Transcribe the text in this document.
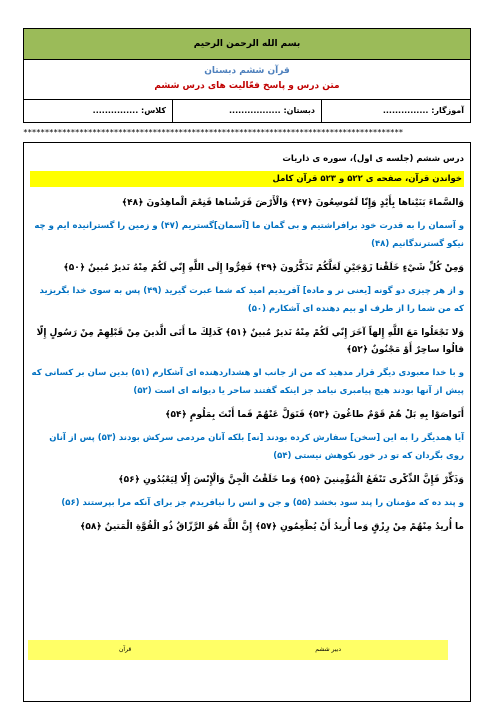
بسم الله الرحمن الرحیم
قرآن ششم دبستان
متن درس و پاسخ فعّالیت های درس ششم
آموزگار: ...............
دبستان: .................
کلاس: ...............
****************************************************************************************
درس ششم (جلسه ی اول)، سوره ی ذاریات
خواندن قرآن، صفحه ی ۵۲۲ و ۵۲۳ قرآن کامل
وَالسَّماءَ بَنَيْناها بِأَيْدٍ وَإِنّا لَمُوسِعُونَ ﴿۴۷﴾ وَالْأَرْضَ فَرَشْناها فَنِعْمَ الْماهِدُونَ ﴿۴۸﴾
و آسمان را به قدرت خود برافراشتیم و بی گمان ما [آسمان]گستریم (۴۷) و زمین را گسترانیده ایم و چه نیکو گسترندگانیم (۴۸)
وَمِنْ كُلِّ شَيْءٍ خَلَقْنا زَوْجَيْنِ لَعَلَّكُمْ تَذَكَّرُونَ ﴿۴۹﴾ فَفِرُّوا إِلَى اللَّهِ إِنّي لَكُمْ مِنْهُ نَذيرٌ مُبينٌ ﴿۵۰﴾
و از هر چیزی دو گونه [یعنی نر و ماده] آفریدیم امید که شما عبرت گیرید (۴۹) پس به سوی خدا بگریزید که من شما را از طرف او بیم دهنده ای آشکارم (۵۰)
وَلا تَجْعَلُوا مَعَ اللَّهِ إِلهاً آخَرَ إِنّي لَكُمْ مِنْهُ نَذيرٌ مُبينٌ ﴿۵۱﴾ كَذلِكَ ما أَتَى الَّذينَ مِنْ قَبْلِهِمْ مِنْ رَسُولٍ إِلّا قالُوا ساحِرٌ أَوْ مَجْنُونٌ ﴿۵۲﴾
و با خدا معبودی دیگر قرار مدهید که من از جانب او هشداردهنده ای آشکارم (۵۱) بدین سان بر کسانی که پیش از آنها بودند هیچ پیامبری نیامد جز اینکه گفتند ساحر یا دیوانه ای است (۵۲)
أَتَواصَوْا بِهِ بَلْ هُمْ قَوْمٌ طاغُونَ ﴿۵۳﴾ فَتَوَلَّ عَنْهُمْ فَما أَنْتَ بِمَلُومٍ ﴿۵۴﴾
آیا همدیگر را به این [سخن] سفارش کرده بودند [نه] بلکه آنان مردمی سرکش بودند (۵۳) پس از آنان روی بگردان که تو در خور نکوهش نیستی (۵۴)
وَذَكِّرْ فَإِنَّ الذِّكْرى تَنْفَعُ الْمُؤْمِنينَ ﴿۵۵﴾ وَما خَلَقْتُ الْجِنَّ وَالْإِنْسَ إِلّا لِيَعْبُدُونِ ﴿۵۶﴾
و پند ده که مؤمنان را پند سود بخشد (۵۵) و جن و انس را نیافریدم جز برای آنکه مرا بپرستند (۵۶)
ما أُريدُ مِنْهُمْ مِنْ رِزْقٍ وَما أُريدُ أَنْ يُطْعِمُونِ ﴿۵۷﴾ إِنَّ اللَّهَ هُوَ الرَّزّاقُ ذُو الْقُوَّةِ الْمَتينُ ﴿۵۸﴾
دبیر ششم
قرآن
